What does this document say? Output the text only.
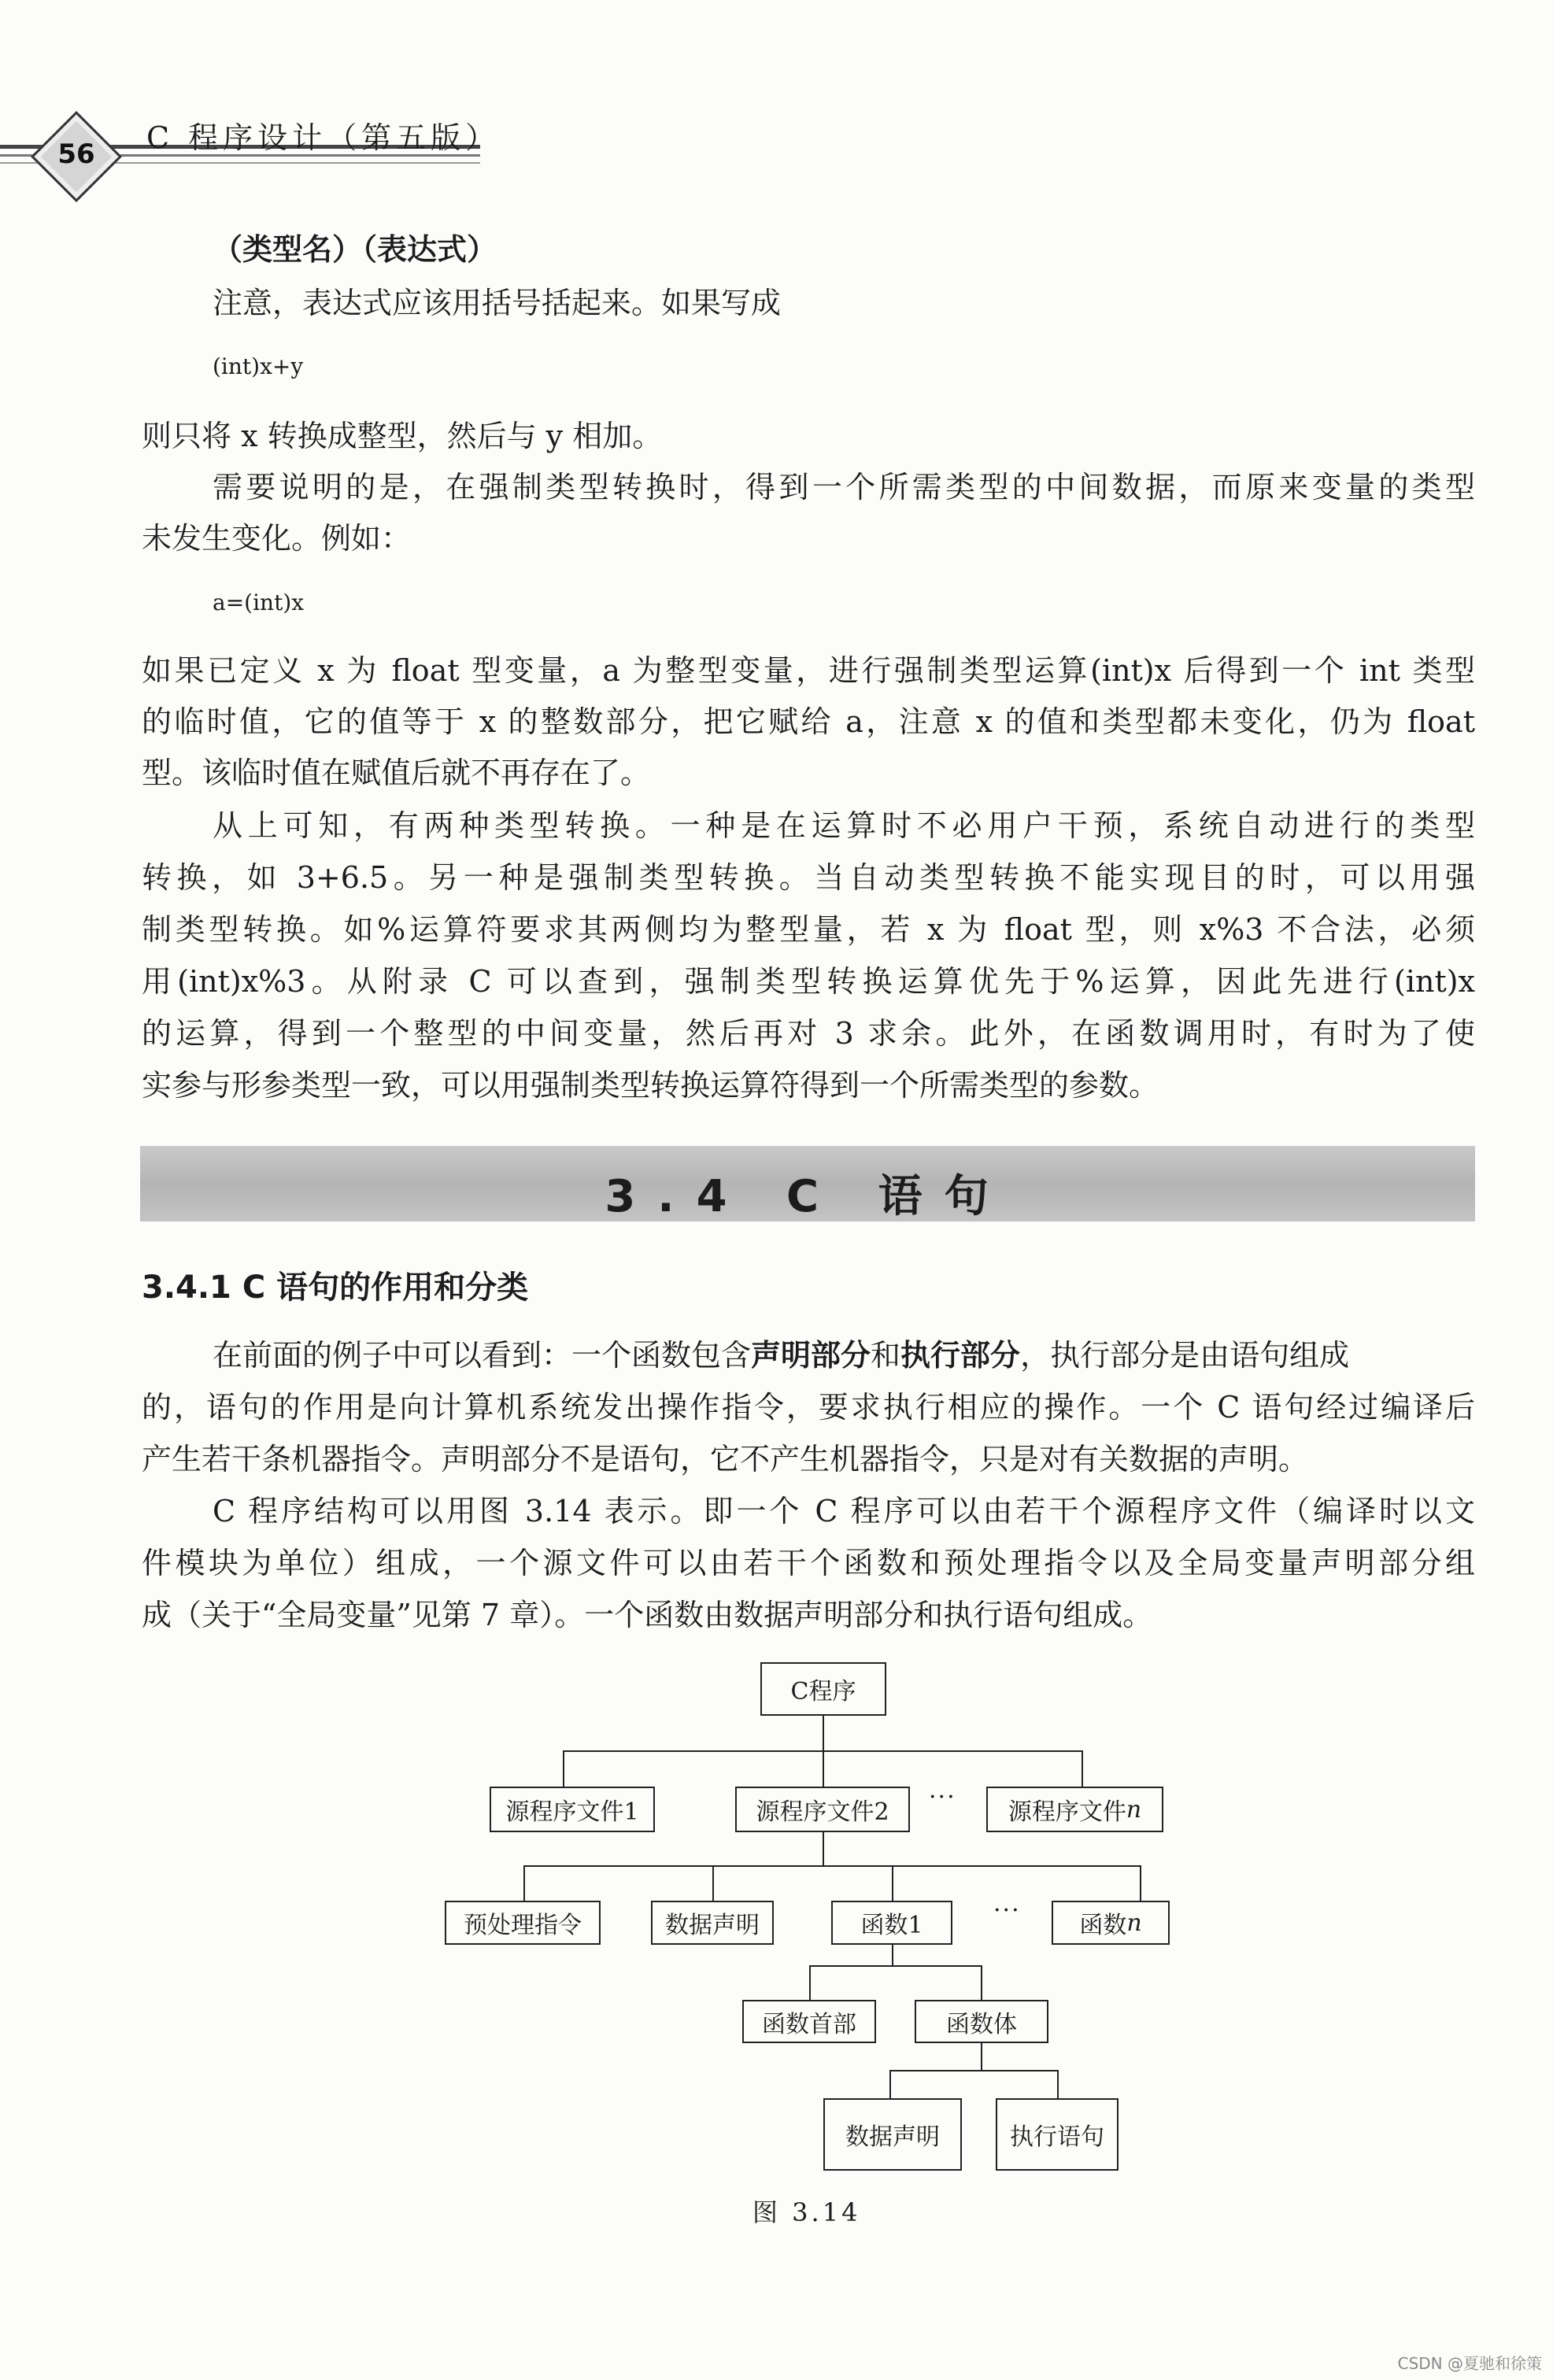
56	C 程序设计（第五版）
（类型名）（表达式）
注意，表达式应该用括号括起来。如果写成
(int)x+y
则只将 x 转换成整型，然后与 y 相加。
需要说明的是，在强制类型转换时，得到一个所需类型的中间数据，而原来变量的类型
未发生变化。例如：
a=(int)x
如果已定义 x 为 float 型变量，a 为整型变量，进行强制类型运算(int)x 后得到一个 int 类型
的临时值，它的值等于 x 的整数部分，把它赋给 a，注意 x 的值和类型都未变化，仍为 float
型。该临时值在赋值后就不再存在了。
从上可知，有两种类型转换。一种是在运算时不必用户干预，系统自动进行的类型
转换，如 3+6.5。另一种是强制类型转换。当自动类型转换不能实现目的时，可以用强
制类型转换。如%运算符要求其两侧均为整型量，若 x 为 float 型，则 x%3 不合法，必须
用(int)x%3。从附录 C 可以查到，强制类型转换运算优先于%运算，因此先进行(int)x
的运算，得到一个整型的中间变量，然后再对 3 求余。此外，在函数调用时，有时为了使
实参与形参类型一致，可以用强制类型转换运算符得到一个所需类型的参数。
3.4 C 语句
3.4.1 C 语句的作用和分类
在前面的例子中可以看到：一个函数包含声明部分和执行部分，执行部分是由语句组成
的，语句的作用是向计算机系统发出操作指令，要求执行相应的操作。一个 C 语句经过编译后
产生若干条机器指令。声明部分不是语句，它不产生机器指令，只是对有关数据的声明。
C 程序结构可以用图 3.14 表示。即一个 C 程序可以由若干个源程序文件（编译时以文
件模块为单位）组成，一个源文件可以由若干个函数和预处理指令以及全局变量声明部分组
成（关于“全局变量”见第 7 章）。一个函数由数据声明部分和执行语句组成。
C程序
源程序文件1	源程序文件2
···
源程序文件 n
预处理指令	数据声明	函数1
···
函数 n
函数首部	函数体
数据声明	执行语句
图 3.14
CSDN @夏驰和徐策
